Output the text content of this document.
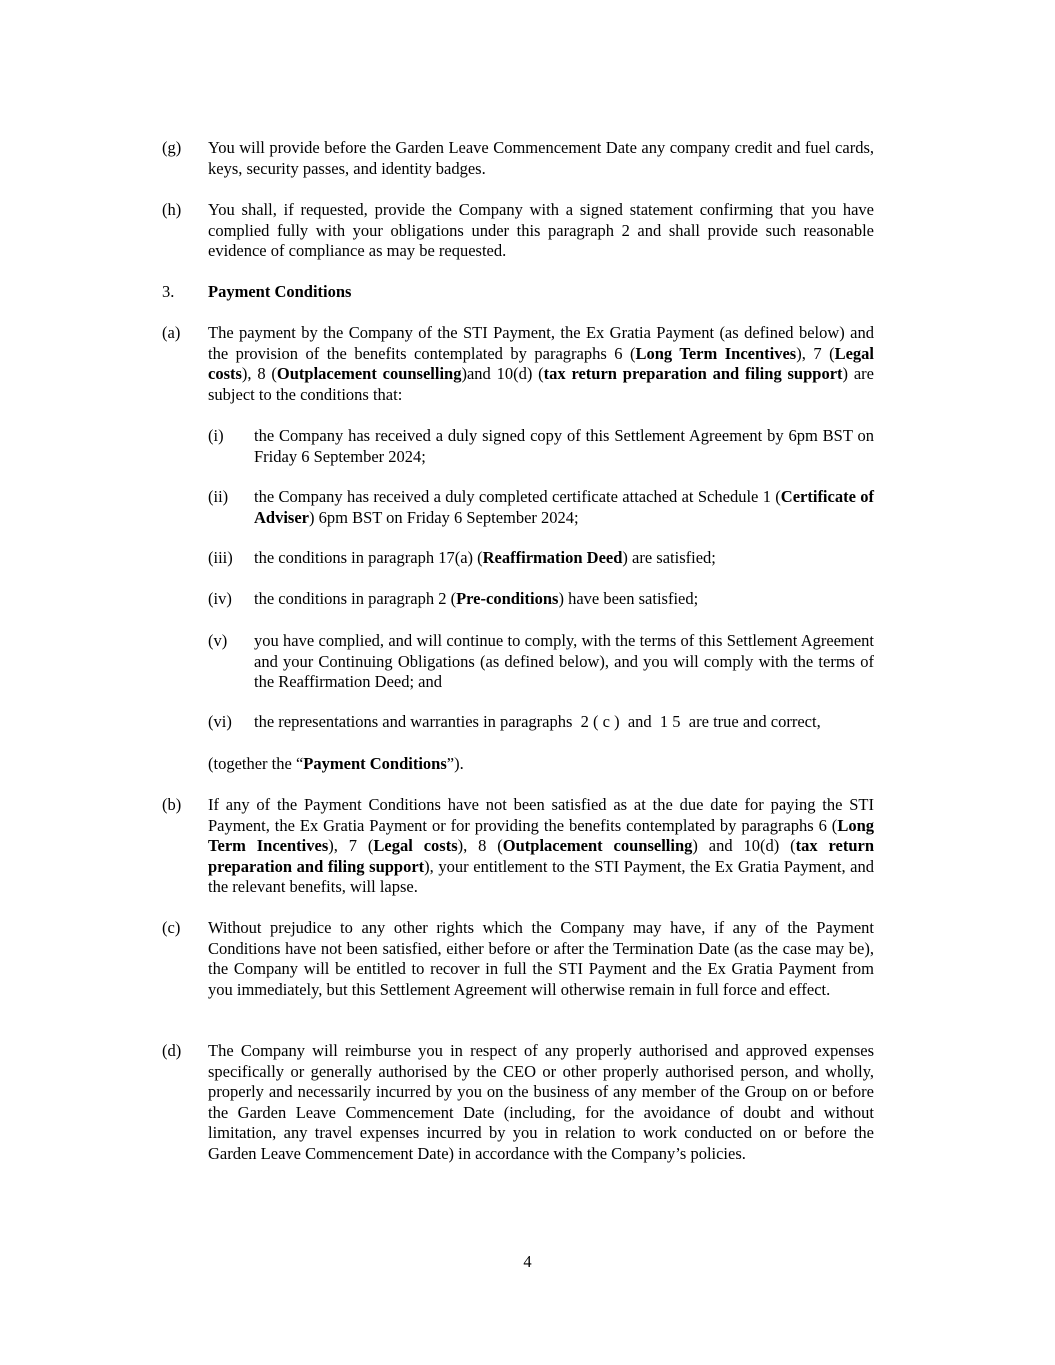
(g) You will provide before the Garden Leave Commencement Date any company credit and fuel cards, keys, security passes, and identity badges.
(h) You shall, if requested, provide the Company with a signed statement confirming that you have complied fully with your obligations under this paragraph 2 and shall provide such reasonable evidence of compliance as may be requested.
3. Payment Conditions
(a) The payment by the Company of the STI Payment, the Ex Gratia Payment (as defined below) and the provision of the benefits contemplated by paragraphs 6 (Long Term Incentives), 7 (Legal costs), 8 (Outplacement counselling)and 10(d) (tax return preparation and filing support) are subject to the conditions that:
(i) the Company has received a duly signed copy of this Settlement Agreement by 6pm BST on Friday 6 September 2024;
(ii) the Company has received a duly completed certificate attached at Schedule 1 (Certificate of Adviser) 6pm BST on Friday 6 September 2024;
(iii) the conditions in paragraph 17(a) (Reaffirmation Deed) are satisfied;
(iv) the conditions in paragraph 2 (Pre-conditions) have been satisfied;
(v) you have complied, and will continue to comply, with the terms of this Settlement Agreement and your Continuing Obligations (as defined below), and you will comply with the terms of the Reaffirmation Deed; and
(vi) the representations and warranties in paragraphs  2 ( c )  and  1 5  are true and correct,
(together the “Payment Conditions”).
(b) If any of the Payment Conditions have not been satisfied as at the due date for paying the STI Payment, the Ex Gratia Payment or for providing the benefits contemplated by paragraphs 6 (Long Term Incentives), 7 (Legal costs), 8 (Outplacement counselling) and 10(d) (tax return preparation and filing support), your entitlement to the STI Payment, the Ex Gratia Payment, and the relevant benefits, will lapse.
(c) Without prejudice to any other rights which the Company may have, if any of the Payment Conditions have not been satisfied, either before or after the Termination Date (as the case may be), the Company will be entitled to recover in full the STI Payment and the Ex Gratia Payment from you immediately, but this Settlement Agreement will otherwise remain in full force and effect.
(d) The Company will reimburse you in respect of any properly authorised and approved expenses specifically or generally authorised by the CEO or other properly authorised person, and wholly, properly and necessarily incurred by you on the business of any member of the Group on or before the Garden Leave Commencement Date (including, for the avoidance of doubt and without limitation, any travel expenses incurred by you in relation to work conducted on or before the Garden Leave Commencement Date) in accordance with the Company’s policies.
4
